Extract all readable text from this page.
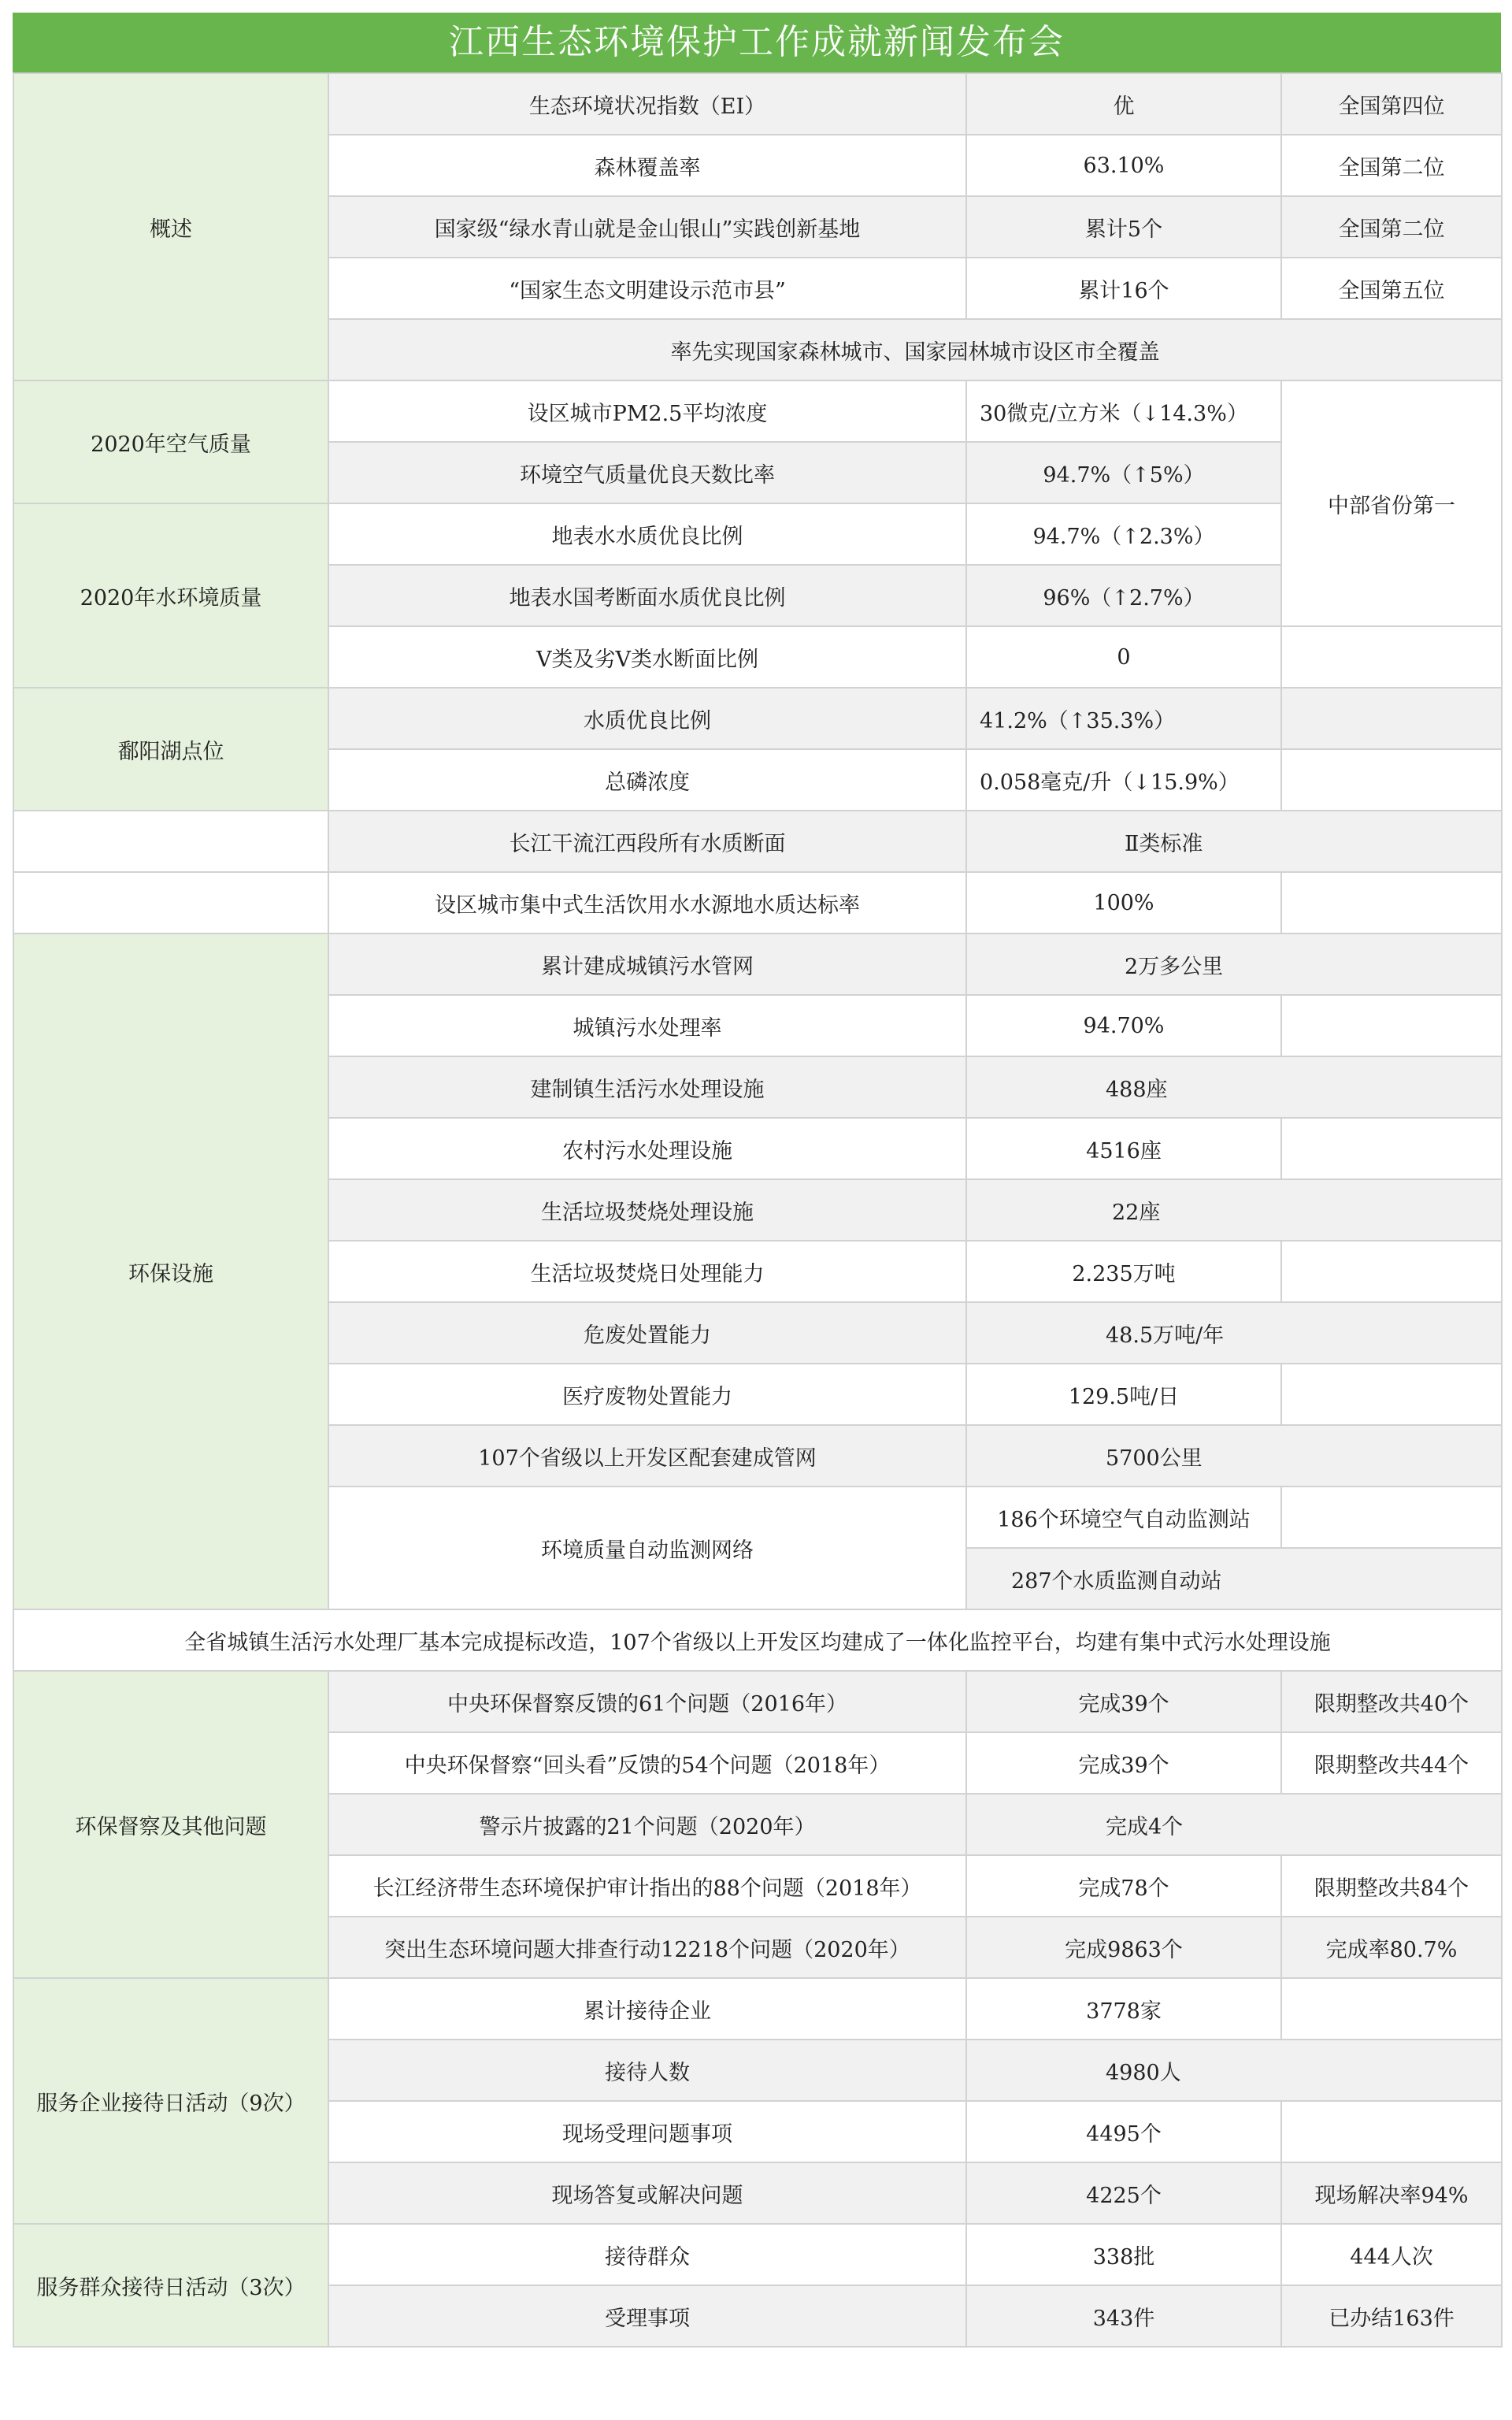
江西生态环境保护工作成就新闻发布会
概述	生态环境状况指数（EI）	优	全国第四位
	森林覆盖率	63.10%	全国第二位
	国家级“绿水青山就是金山银山”实践创新基地	累计5个	全国第二位
	“国家生态文明建设示范市县”	累计16个	全国第五位
	率先实现国家森林城市、国家园林城市设区市全覆盖		
2020年空气质量	设区城市PM2.5平均浓度	30微克/立方米（↓14.3%）	中部省份第一
	环境空气质量优良天数比率	94.7%（↑5%）	
2020年水环境质量	地表水水质优良比例	94.7%（↑2.3%）	
	地表水国考断面水质优良比例	96%（↑2.7%）	
	Ⅴ类及劣Ⅴ类水断面比例	0	
鄱阳湖点位	水质优良比例	41.2%（↑35.3%）	
	总磷浓度	0.058毫克/升（↓15.9%）	
	长江干流江西段所有水质断面	Ⅱ类标准	
	设区城市集中式生活饮用水水源地水质达标率	100%	
环保设施	累计建成城镇污水管网	2万多公里	
	城镇污水处理率	94.70%	
	建制镇生活污水处理设施	488座	
	农村污水处理设施	4516座	
	生活垃圾焚烧处理设施	22座	
	生活垃圾焚烧日处理能力	2.235万吨	
	危废处置能力	48.5万吨/年	
	医疗废物处置能力	129.5吨/日	
	107个省级以上开发区配套建成管网	5700公里	
	环境质量自动监测网络	186个环境空气自动监测站	
		287个水质监测自动站	
全省城镇生活污水处理厂基本完成提标改造，107个省级以上开发区均建成了一体化监控平台，均建有集中式污水处理设施			
环保督察及其他问题	中央环保督察反馈的61个问题（2016年）	完成39个	限期整改共40个
	中央环保督察“回头看”反馈的54个问题（2018年）	完成39个	限期整改共44个
	警示片披露的21个问题（2020年）	完成4个	
	长江经济带生态环境保护审计指出的88个问题（2018年）	完成78个	限期整改共84个
	突出生态环境问题大排查行动12218个问题（2020年）	完成9863个	完成率80.7%
服务企业接待日活动（9次）	累计接待企业	3778家	
	接待人数	4980人	
	现场受理问题事项	4495个	
	现场答复或解决问题	4225个	现场解决率94%
服务群众接待日活动（3次）	接待群众	338批	444人次
	受理事项	343件	已办结163件
